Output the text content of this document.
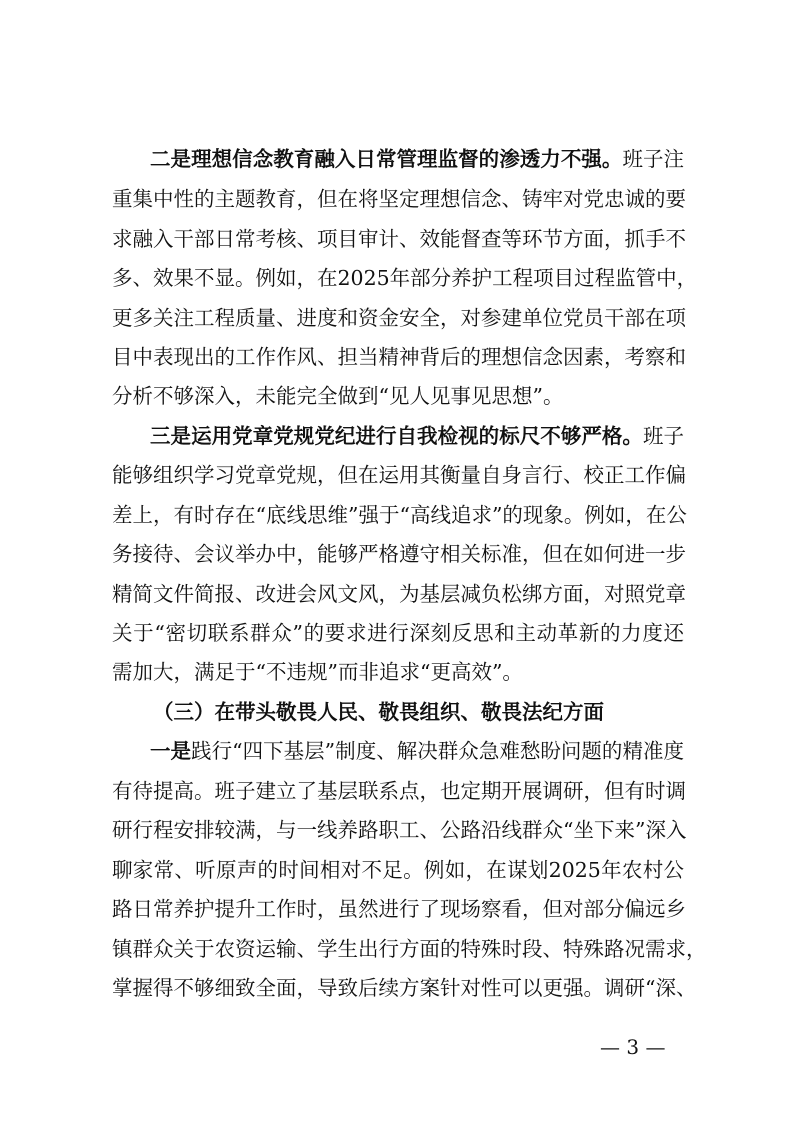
二是理想信念教育融入日常管理监督的渗透力不强。班子注
重集中性的主题教育，但在将坚定理想信念、铸牢对党忠诚的要
求融入干部日常考核、项目审计、效能督查等环节方面，抓手不
多、效果不显。例如，在2025年部分养护工程项目过程监管中，
更多关注工程质量、进度和资金安全，对参建单位党员干部在项
目中表现出的工作作风、担当精神背后的理想信念因素，考察和
分析不够深入，未能完全做到“见人见事见思想”。
三是运用党章党规党纪进行自我检视的标尺不够严格。班子
能够组织学习党章党规，但在运用其衡量自身言行、校正工作偏
差上，有时存在“底线思维”强于“高线追求”的现象。例如，在公
务接待、会议举办中，能够严格遵守相关标准，但在如何进一步
精简文件简报、改进会风文风，为基层减负松绑方面，对照党章
关于“密切联系群众”的要求进行深刻反思和主动革新的力度还
需加大，满足于“不违规”而非追求“更高效”。
（三）在带头敬畏人民、敬畏组织、敬畏法纪方面
一是践行“四下基层”制度、解决群众急难愁盼问题的精准度
有待提高。班子建立了基层联系点，也定期开展调研，但有时调
研行程安排较满，与一线养路职工、公路沿线群众“坐下来”深入
聊家常、听原声的时间相对不足。例如，在谋划2025年农村公
路日常养护提升工作时，虽然进行了现场察看，但对部分偏远乡
镇群众关于农资运输、学生出行方面的特殊时段、特殊路况需求，
掌握得不够细致全面，导致后续方案针对性可以更强。调研“深、
— 3 —
